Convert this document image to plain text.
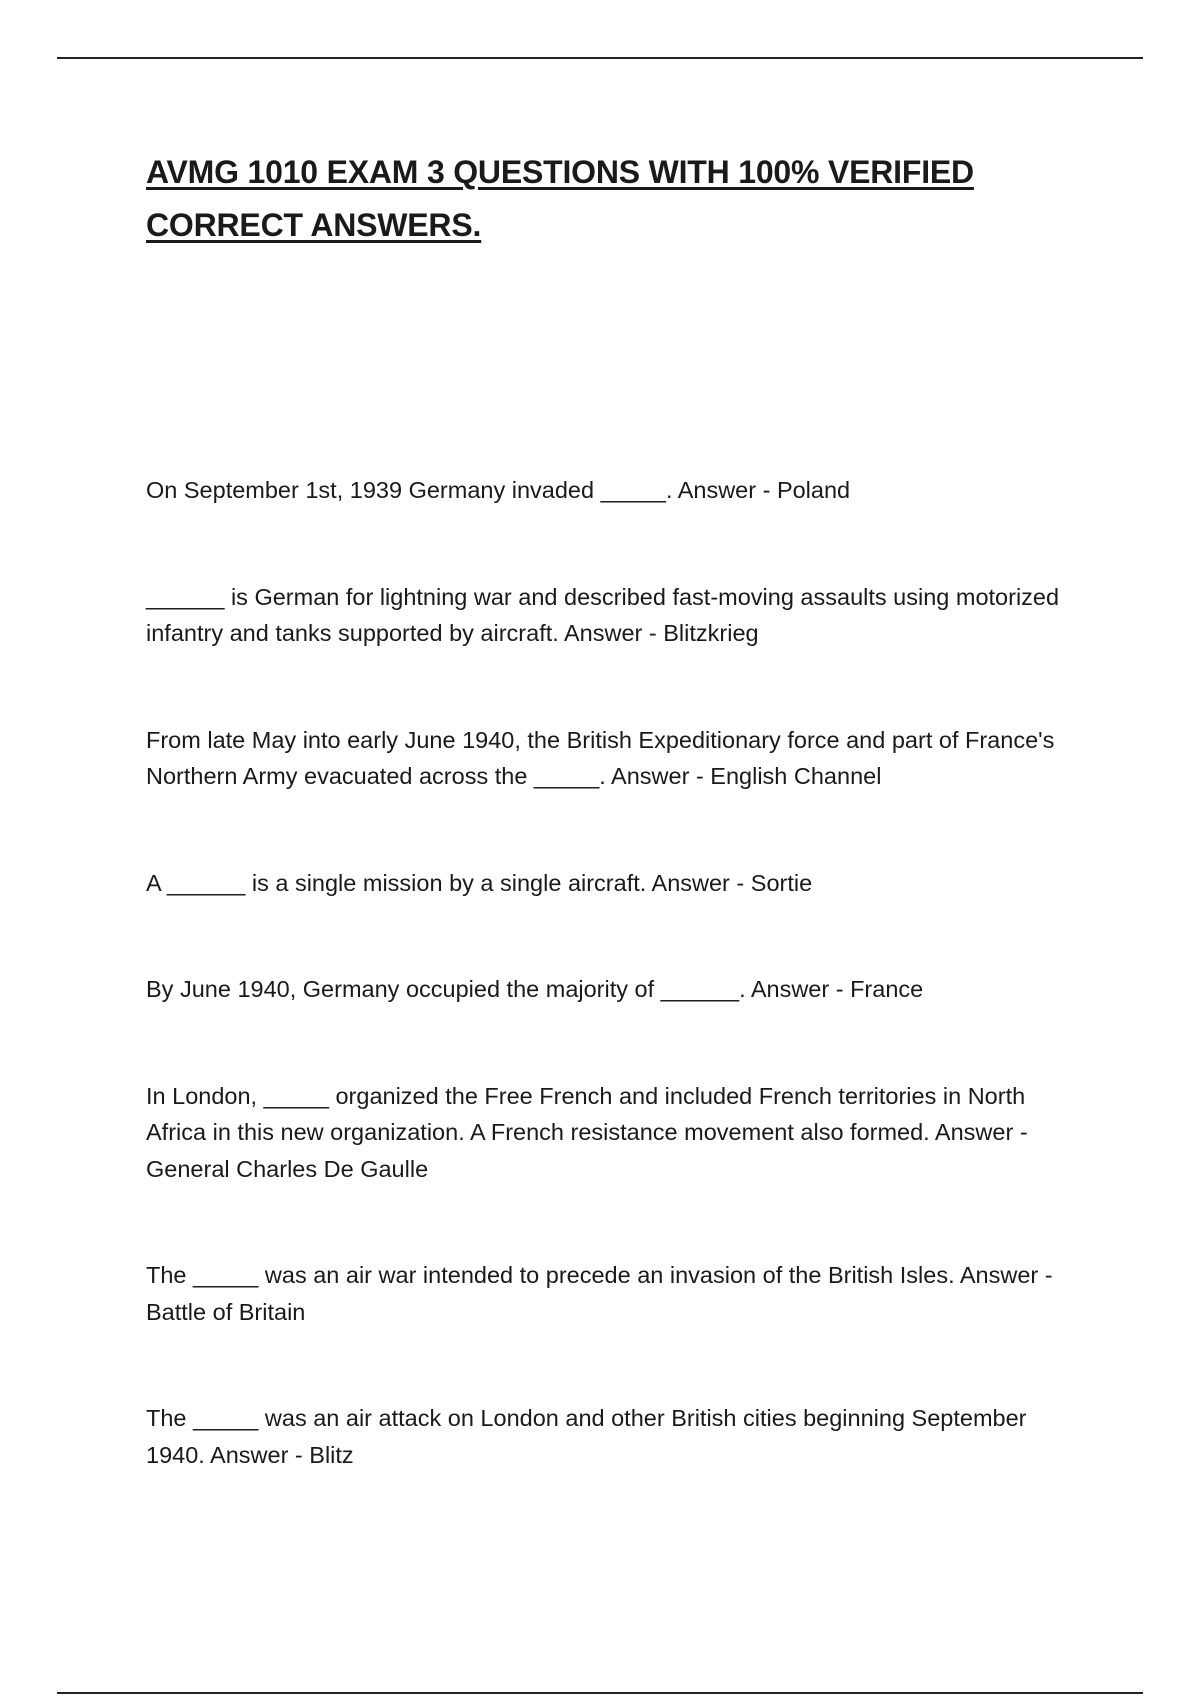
AVMG 1010 EXAM 3 QUESTIONS WITH 100% VERIFIED CORRECT ANSWERS.

On September 1st, 1939 Germany invaded _____. Answer - Poland

______ is German for lightning war and described fast-moving assaults using motorized infantry and tanks supported by aircraft. Answer - Blitzkrieg

From late May into early June 1940, the British Expeditionary force and part of France's Northern Army evacuated across the _____. Answer - English Channel

A ______ is a single mission by a single aircraft. Answer - Sortie

By June 1940, Germany occupied the majority of ______. Answer - France

In London, _____ organized the Free French and included French territories in North Africa in this new organization. A French resistance movement also formed. Answer - General Charles De Gaulle

The _____ was an air war intended to precede an invasion of the British Isles. Answer - Battle of Britain

The _____ was an air attack on London and other British cities beginning September 1940. Answer - Blitz
